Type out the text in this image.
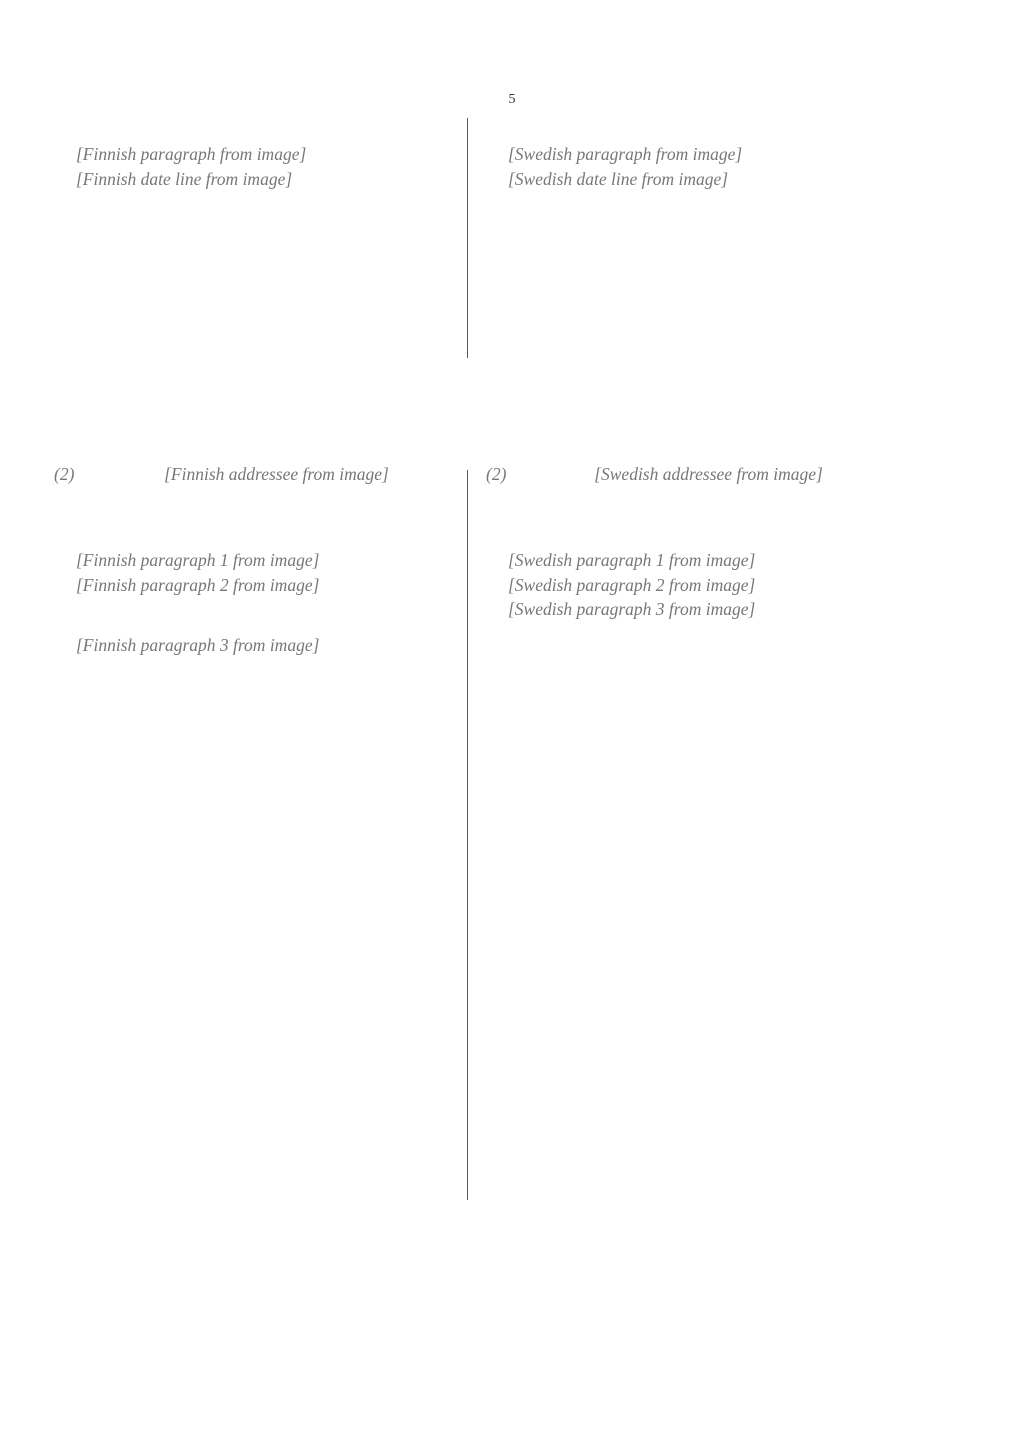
5

[Finnish paragraph from image]

[Finnish date line from image]

[Swedish paragraph from image]

[Swedish date line from image]

(2)	[Finnish addressee from image]	(2)	[Swedish addressee from image]

[Finnish paragraph 1 from image]

[Finnish paragraph 2 from image]

[Finnish paragraph 3 from image]

[Swedish paragraph 1 from image]

[Swedish paragraph 2 from image]

[Swedish paragraph 3 from image]
